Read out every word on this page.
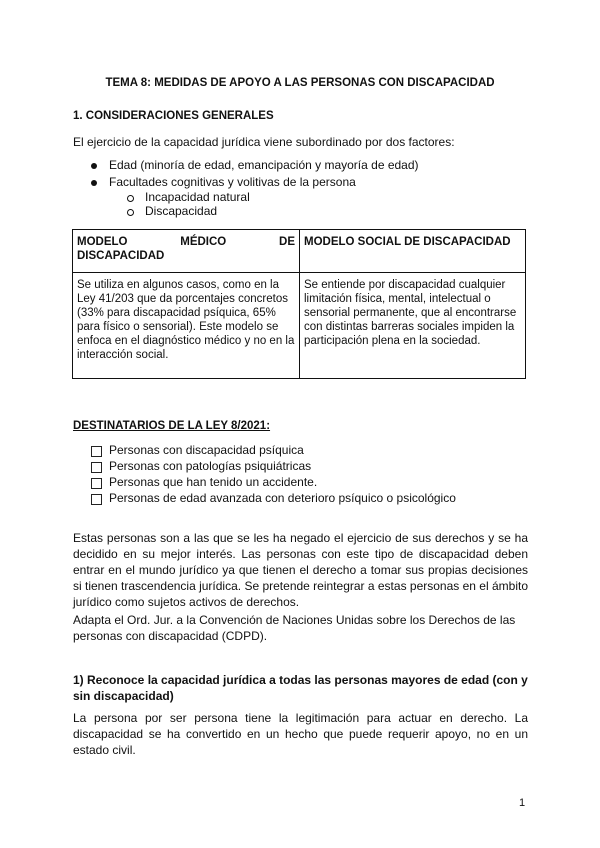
TEMA 8: MEDIDAS DE APOYO A LAS PERSONAS CON DISCAPACIDAD
1. CONSIDERACIONES GENERALES
El ejercicio de la capacidad jurídica viene subordinado por dos factores:
Edad (minoría de edad, emancipación y mayoría de edad)
Facultades cognitivas y volitivas de la persona
Incapacidad natural
Discapacidad
MODELO MÉDICO DE
DISCAPACIDAD	MODELO SOCIAL DE DISCAPACIDAD
Se utiliza en algunos casos, como en la Ley 41/203 que da porcentajes concretos (33% para discapacidad psíquica, 65% para físico o sensorial). Este modelo se enfoca en el diagnóstico médico y no en la interacción social.	Se entiende por discapacidad cualquier limitación física, mental, intelectual o sensorial permanente, que al encontrarse con distintas barreras sociales impiden la participación plena en la sociedad.
DESTINATARIOS DE LA LEY 8/2021:
Personas con discapacidad psíquica
Personas con patologías psiquiátricas
Personas que han tenido un accidente.
Personas de edad avanzada con deterioro psíquico o psicológico
Estas personas son a las que se les ha negado el ejercicio de sus derechos y se ha decidido en su mejor interés. Las personas con este tipo de discapacidad deben entrar en el mundo jurídico ya que tienen el derecho a tomar sus propias decisiones si tienen trascendencia jurídica. Se pretende reintegrar a estas personas en el ámbito jurídico como sujetos activos de derechos.
Adapta el Ord. Jur. a la Convención de Naciones Unidas sobre los Derechos de las personas con discapacidad (CDPD).
1) Reconoce la capacidad jurídica a todas las personas mayores de edad (con y sin discapacidad)
La persona por ser persona tiene la legitimación para actuar en derecho. La discapacidad se ha convertido en un hecho que puede requerir apoyo, no en un estado civil.
1
